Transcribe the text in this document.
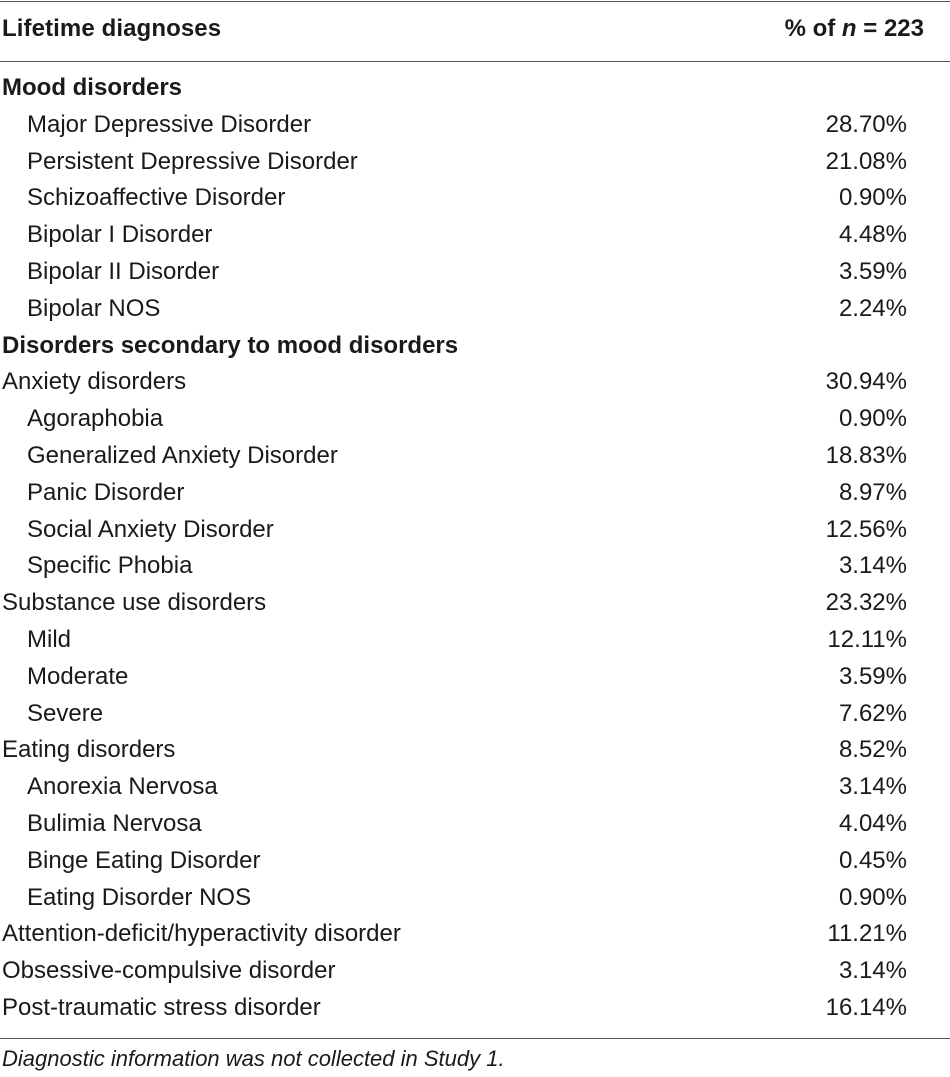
Lifetime diagnoses	% of n = 223
Mood disorders
Major Depressive Disorder	28.70%
Persistent Depressive Disorder	21.08%
Schizoaffective Disorder	0.90%
Bipolar I Disorder	4.48%
Bipolar II Disorder	3.59%
Bipolar NOS	2.24%
Disorders secondary to mood disorders
Anxiety disorders	30.94%
Agoraphobia	0.90%
Generalized Anxiety Disorder	18.83%
Panic Disorder	8.97%
Social Anxiety Disorder	12.56%
Specific Phobia	3.14%
Substance use disorders	23.32%
Mild	12.11%
Moderate	3.59%
Severe	7.62%
Eating disorders	8.52%
Anorexia Nervosa	3.14%
Bulimia Nervosa	4.04%
Binge Eating Disorder	0.45%
Eating Disorder NOS	0.90%
Attention-deficit/hyperactivity disorder	11.21%
Obsessive-compulsive disorder	3.14%
Post-traumatic stress disorder	16.14%
Diagnostic information was not collected in Study 1.
